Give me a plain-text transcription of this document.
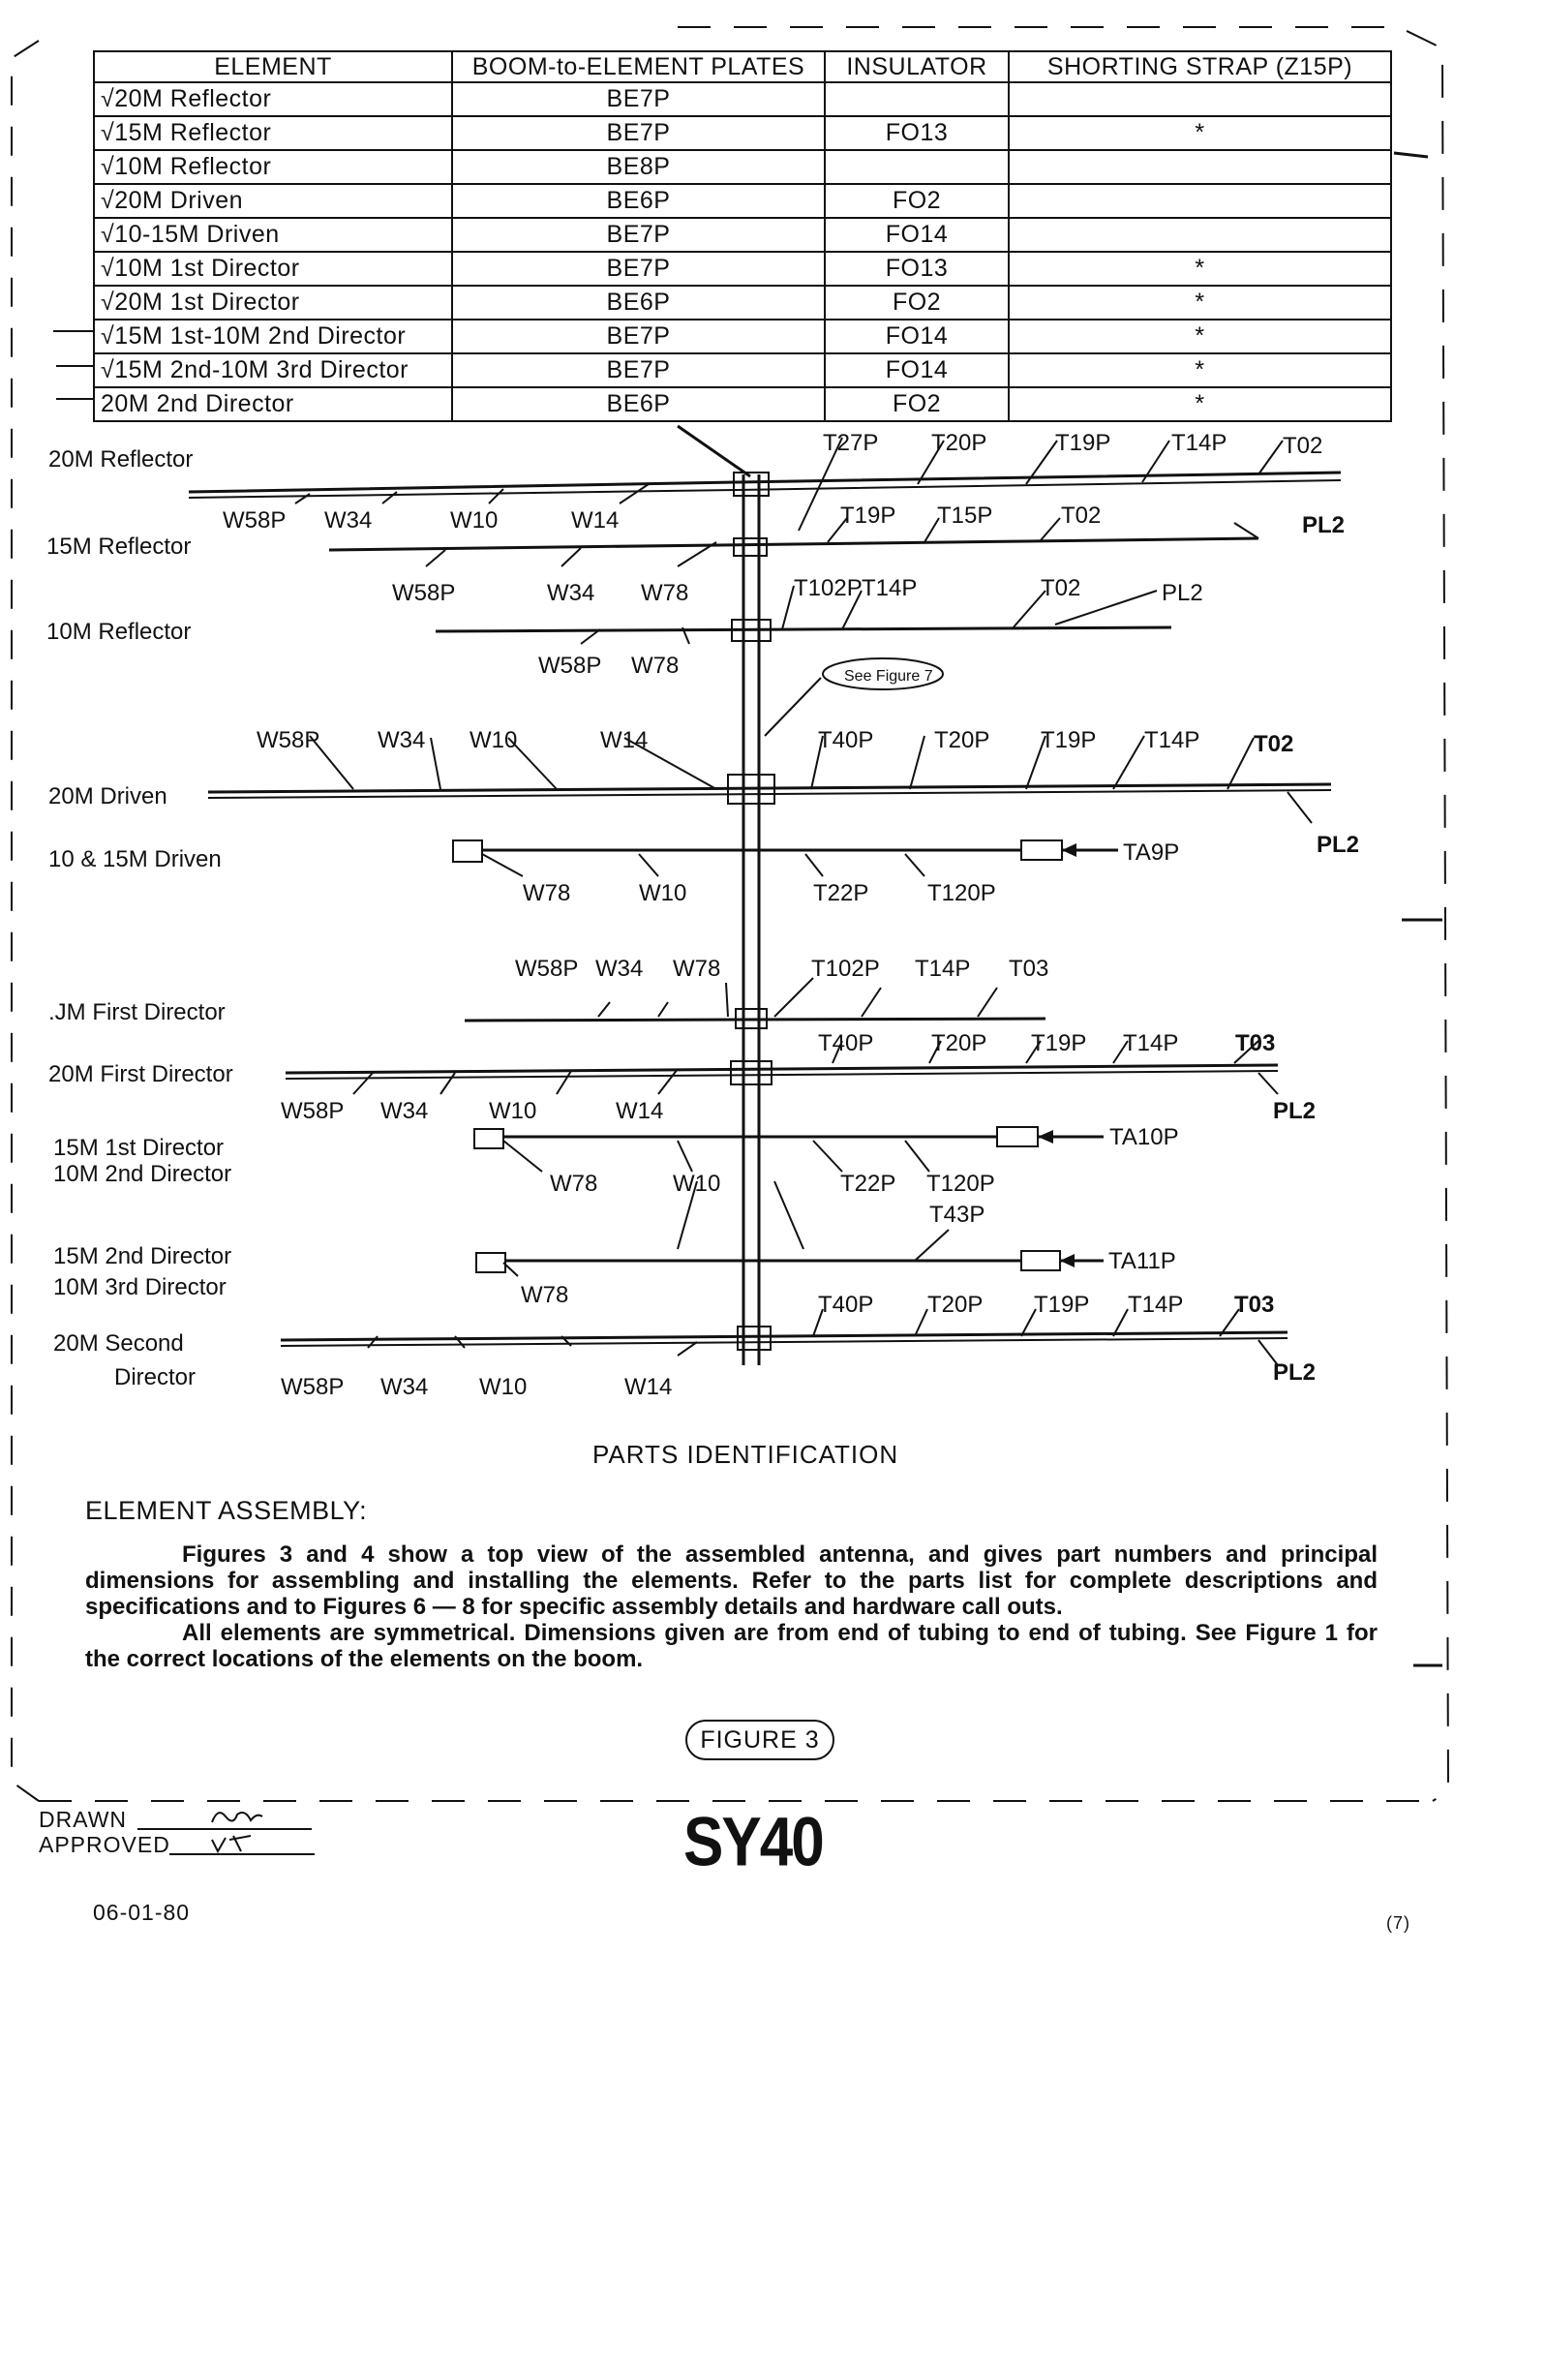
ELEMENT	BOOM-to-ELEMENT PLATES	INSULATOR	SHORTING STRAP (Z15P)
√20M Reflector	BE7P		
√15M Reflector	BE7P	FO13	*
√10M Reflector	BE8P		
√20M Driven	BE6P	FO2	
√10-15M Driven	BE7P	FO14	
√10M 1st Director	BE7P	FO13	*
√20M 1st Director	BE6P	FO2	*
√15M 1st-10M 2nd Director	BE7P	FO14	*
√15M 2nd-10M 3rd Director	BE7P	FO14	*
20M 2nd Director	BE6P	FO2	*
See Figure 7
20M Reflector
T27P T20P	T19P	T14P T02
W58P W34	W10	W14	PL2
15M Reflector
T19P T15P	T02
W58P	W34 W78	PL2
10M Reflector
T102P T14P	T02
W58P W78
PL2
20M Driven
W58P W34 W10	W14	T40P	T20P T19P T14P T02
10 & 15M Driven
W78	W10	T22P	T120P
TA9P
.JM First Director
W58P W34 W78	T102P T14P T03
20M First Director
W58P W34	W10	W14
T40P T20P T19P T14P T03
PL2
15M 1st Director
10M 2nd Director	W78	W10	T22P T120P
TA10P
15M 2nd Director
10M 3rd Director	W78
T43P
TA11P
20M Second
Director	W58P W34 W10	W14
T40P T20P T19P T14P T03
PL2
PARTS IDENTIFICATION
ELEMENT ASSEMBLY:

Figures 3 and 4 show a top view of the assembled antenna, and gives part numbers and principal dimensions for assembling and installing the elements. Refer to the parts list for complete descriptions and specifications and to Figures 6 — 8 for specific assembly details and hardware call outs.

All elements are symmetrical. Dimensions given are from end of tubing to end of tubing. See Figure 1 for the correct locations of the elements on the boom.

FIGURE 3
DRAWN
APPROVED
06-01-80
SY40
(7)
